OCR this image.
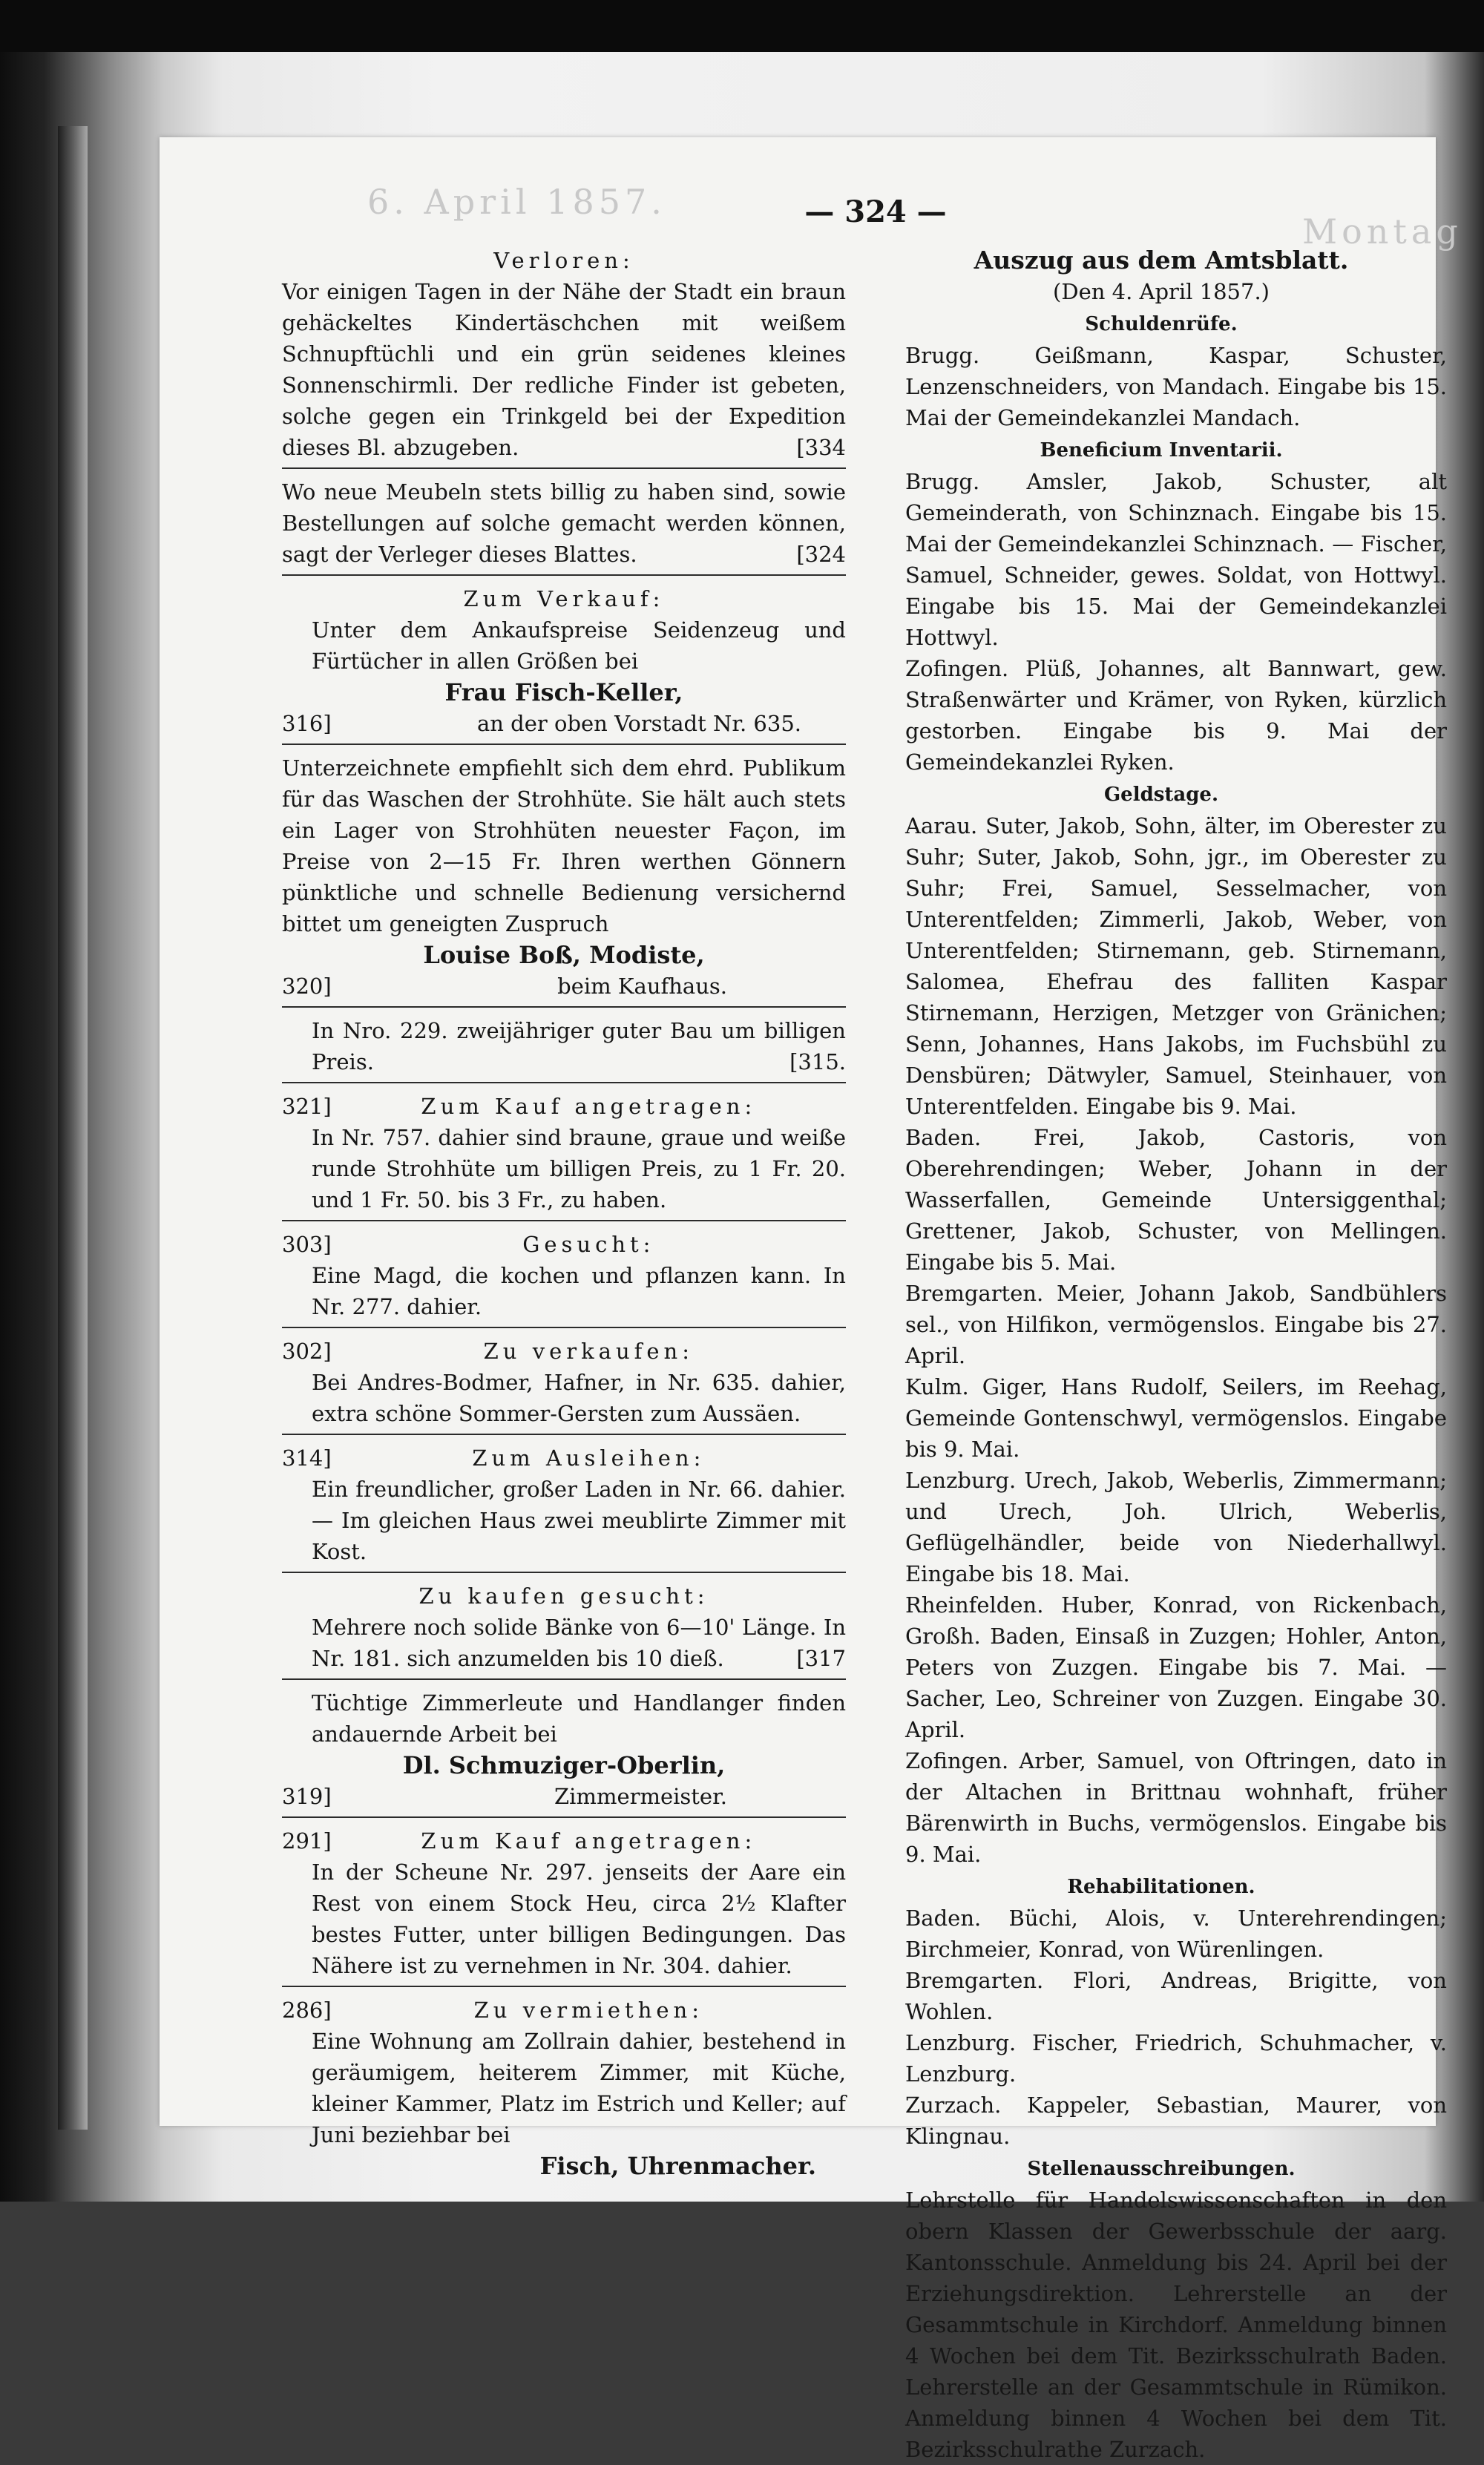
6. April 1857.
Montag
— 324 —
Verloren:
Vor einigen Tagen in der Nähe der Stadt ein braun gehäckeltes Kindertäschchen mit weißem Schnupftüchli und ein grün seidenes kleines Sonnenschirmli. Der redliche Finder ist gebeten, solche gegen ein Trinkgeld bei der Expedition dieses Bl. abzugeben.	[334
Wo neue Meubeln stets billig zu haben sind, sowie Bestellungen auf solche gemacht werden können, sagt der Verleger dieses Blattes.	[324
Zum Verkauf:
Unter dem Ankaufspreise Seidenzeug und Fürtücher in allen Größen bei
Frau Fisch-Keller,
316]	an der oben Vorstadt Nr. 635.
Unterzeichnete empfiehlt sich dem ehrd. Publikum für das Waschen der Strohhüte. Sie hält auch stets ein Lager von Strohhüten neuester Façon, im Preise von 2—15 Fr. Ihren werthen Gönnern pünktliche und schnelle Bedienung versichernd bittet um geneigten Zuspruch
Louise Boß, Modiste,
320]	beim Kaufhaus.
In Nro. 229. zweijähriger guter Bau um billigen Preis.	[315.
321]	Zum Kauf angetragen:
In Nr. 757. dahier sind braune, graue und weiße runde Strohhüte um billigen Preis, zu 1 Fr. 20. und 1 Fr. 50. bis 3 Fr., zu haben.
303]	Gesucht:
Eine Magd, die kochen und pflanzen kann. In Nr. 277. dahier.
302]	Zu verkaufen:
Bei Andres-Bodmer, Hafner, in Nr. 635. dahier, extra schöne Sommer-Gersten zum Aussäen.
314]	Zum Ausleihen:
Ein freundlicher, großer Laden in Nr. 66. dahier. — Im gleichen Haus zwei meublirte Zimmer mit Kost.
Zu kaufen gesucht:
Mehrere noch solide Bänke von 6—10' Länge. In Nr. 181. sich anzumelden bis 10 dieß.	[317
Tüchtige Zimmerleute und Handlanger finden andauernde Arbeit bei
Dl. Schmuziger-Oberlin,
319]	Zimmermeister.
291]	Zum Kauf angetragen:
In der Scheune Nr. 297. jenseits der Aare ein Rest von einem Stock Heu, circa 2½ Klafter bestes Futter, unter billigen Bedingungen. Das Nähere ist zu vernehmen in Nr. 304. dahier.
286]	Zu vermiethen:
Eine Wohnung am Zollrain dahier, bestehend in geräumigem, heiterem Zimmer, mit Küche, kleiner Kammer, Platz im Estrich und Keller; auf Juni beziehbar bei
Fisch, Uhrenmacher.
Auszug aus dem Amtsblatt.
(Den 4. April 1857.)
Schuldenrüfe.
Brugg. Geißmann, Kaspar, Schuster, Lenzenschneiders, von Mandach. Eingabe bis 15. Mai der Gemeindekanzlei Mandach.
Beneficium Inventarii.
Brugg. Amsler, Jakob, Schuster, alt Gemeinderath, von Schinznach. Eingabe bis 15. Mai der Gemeindekanzlei Schinznach. — Fischer, Samuel, Schneider, gewes. Soldat, von Hottwyl. Eingabe bis 15. Mai der Gemeindekanzlei Hottwyl.
Zofingen. Plüß, Johannes, alt Bannwart, gew. Straßenwärter und Krämer, von Ryken, kürzlich gestorben. Eingabe bis 9. Mai der Gemeindekanzlei Ryken.
Geldstage.
Aarau. Suter, Jakob, Sohn, älter, im Oberester zu Suhr; Suter, Jakob, Sohn, jgr., im Oberester zu Suhr; Frei, Samuel, Sesselmacher, von Unterentfelden; Zimmerli, Jakob, Weber, von Unterentfelden; Stirnemann, geb. Stirnemann, Salomea, Ehefrau des falliten Kaspar Stirnemann, Herzigen, Metzger von Gränichen; Senn, Johannes, Hans Jakobs, im Fuchsbühl zu Densbüren; Dätwyler, Samuel, Steinhauer, von Unterentfelden. Eingabe bis 9. Mai.
Baden. Frei, Jakob, Castoris, von Oberehrendingen; Weber, Johann in der Wasserfallen, Gemeinde Untersiggenthal; Grettener, Jakob, Schuster, von Mellingen. Eingabe bis 5. Mai.
Bremgarten. Meier, Johann Jakob, Sandbühlers sel., von Hilfikon, vermögenslos. Eingabe bis 27. April.
Kulm. Giger, Hans Rudolf, Seilers, im Reehag, Gemeinde Gontenschwyl, vermögenslos. Eingabe bis 9. Mai.
Lenzburg. Urech, Jakob, Weberlis, Zimmermann; und Urech, Joh. Ulrich, Weberlis, Geflügelhändler, beide von Niederhallwyl. Eingabe bis 18. Mai.
Rheinfelden. Huber, Konrad, von Rickenbach, Großh. Baden, Einsaß in Zuzgen; Hohler, Anton, Peters von Zuzgen. Eingabe bis 7. Mai. — Sacher, Leo, Schreiner von Zuzgen. Eingabe 30. April.
Zofingen. Arber, Samuel, von Oftringen, dato in der Altachen in Brittnau wohnhaft, früher Bärenwirth in Buchs, vermögenslos. Eingabe bis 9. Mai.
Rehabilitationen.
Baden. Büchi, Alois, v. Unterehrendingen; Birchmeier, Konrad, von Würenlingen.
Bremgarten. Flori, Andreas, Brigitte, von Wohlen.
Lenzburg. Fischer, Friedrich, Schuhmacher, v. Lenzburg.
Zurzach. Kappeler, Sebastian, Maurer, von Klingnau.
Stellenausschreibungen.
Lehrstelle für Handelswissenschaften in den obern Klassen der Gewerbsschule der aarg. Kantonsschule. Anmeldung bis 24. April bei der Erziehungsdirektion. Lehrerstelle an der Gesammtschule in Kirchdorf. Anmeldung binnen 4 Wochen bei dem Tit. Bezirksschulrath Baden. Lehrerstelle an der Gesammtschule in Rümikon. Anmeldung binnen 4 Wochen bei dem Tit. Bezirksschulrathe Zurzach.
